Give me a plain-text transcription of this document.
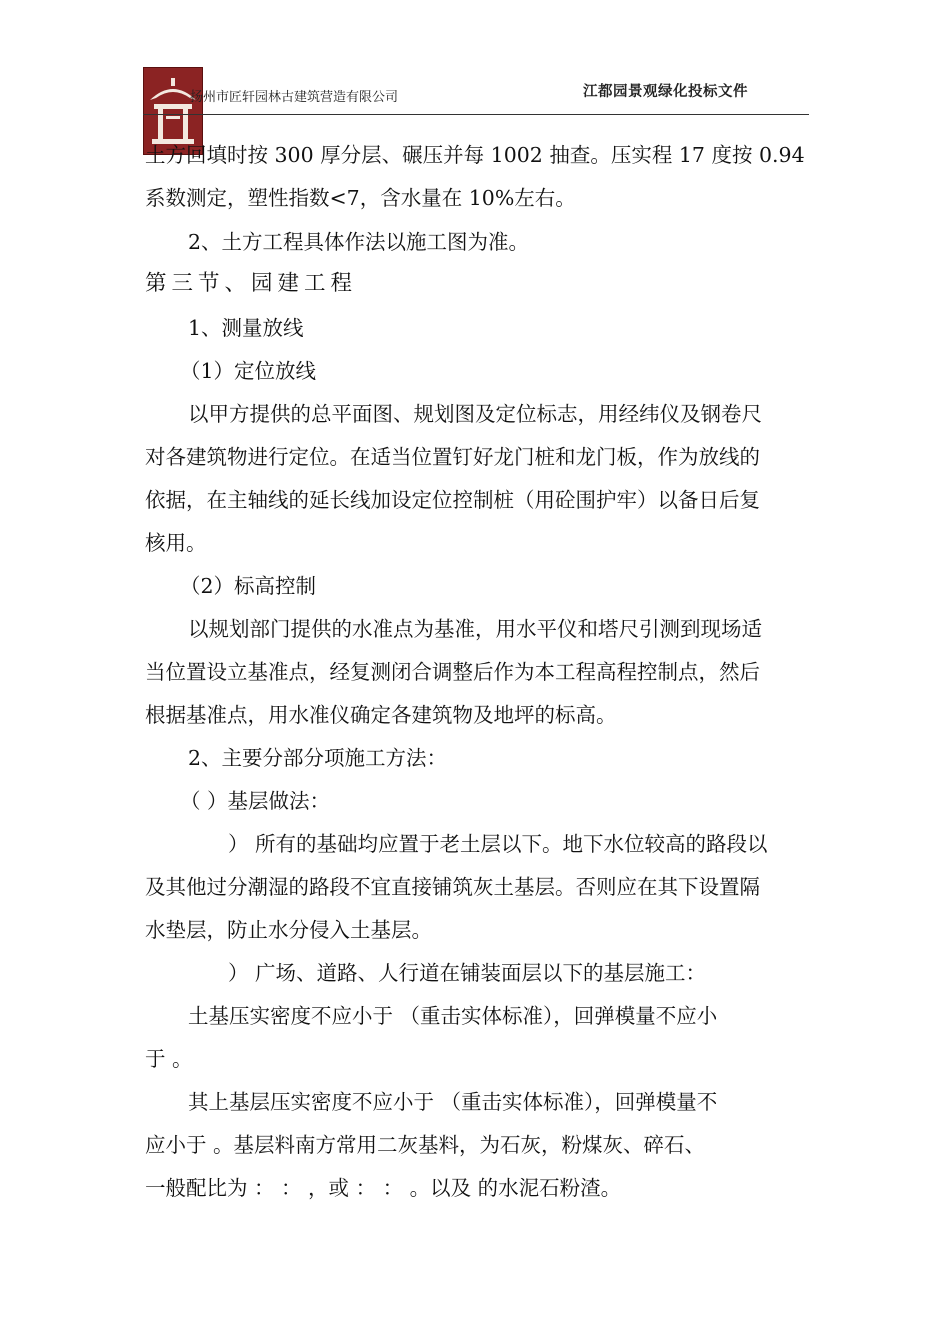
扬州市匠轩园林古建筑营造有限公司	江都园景观绿化投标文件
土方回填时按 300 厚分层、碾压并每 1002 抽查。压实程 17 度按 0.94
系数测定，塑性指数<7，含水量在 10%左右。
2、土方工程具体作法以施工图为准。
第三节、园建工程
1、测量放线
（1）定位放线
以甲方提供的总平面图、规划图及定位标志，用经纬仪及钢卷尺
对各建筑物进行定位。在适当位置钉好龙门桩和龙门板，作为放线的
依据，在主轴线的延长线加设定位控制桩（用砼围护牢）以备日后复
核用。
（2）标高控制
以规划部门提供的水准点为基准，用水平仪和塔尺引测到现场适
当位置设立基准点，经复测闭合调整后作为本工程高程控制点，然后
根据基准点，用水准仪确定各建筑物及地坪的标高。
2、主要分部分项施工方法：
（ ）基层做法：
） 所有的基础均应置于老土层以下。地下水位较高的路段以
及其他过分潮湿的路段不宜直接铺筑灰土基层。否则应在其下设置隔
水垫层，防止水分侵入土基层。
） 广场、道路、人行道在铺装面层以下的基层施工：
土基压实密度不应小于 （重击实体标准），回弹模量不应小
于 。
其上基层压实密度不应小于 （重击实体标准），回弹模量不
应小于 。基层料南方常用二灰基料，为石灰，粉煤灰、碎石、
一般配比为 ： ： ，或 ： ： 。以及 的水泥石粉渣。
